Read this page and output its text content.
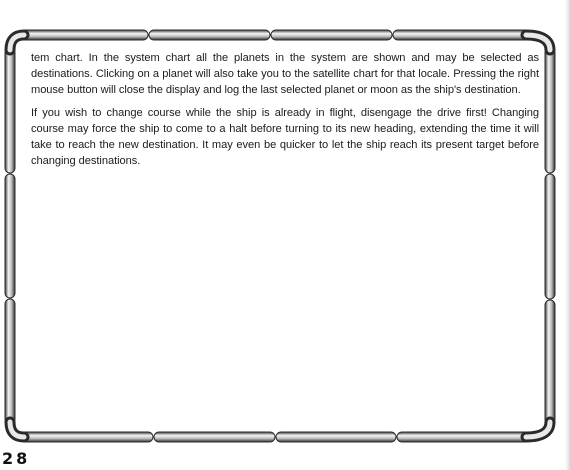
tem chart. In the system chart all the planets in the system are shown and may be selected as destinations. Clicking on a planet will also take you to the satellite chart for that locale. Pressing the right mouse button will close the display and log the last selected planet or moon as the ship's destination.

If you wish to change course while the ship is already in flight, disengage the drive first! Changing course may force the ship to come to a halt before turning to its new heading, extending the time it will take to reach the new destination. It may even be quicker to let the ship reach its present target before changing destinations.

28
